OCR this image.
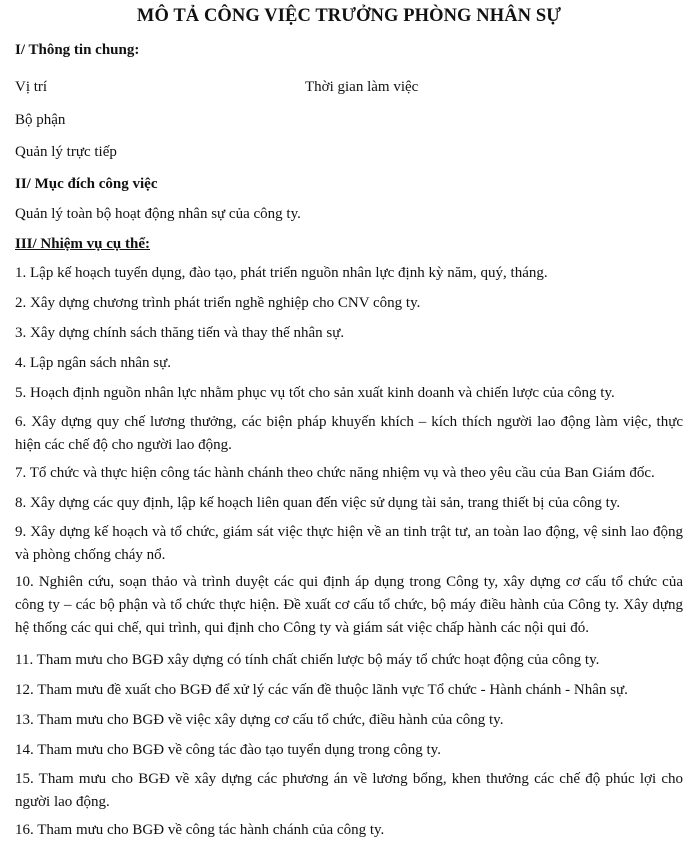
MÔ TẢ CÔNG VIỆC TRƯỞNG PHÒNG NHÂN SỰ
I/ Thông tin chung:
Vị trí	Thời gian làm việc
Bộ phận
Quản lý trực tiếp
II/ Mục đích công việc
Quản lý toàn bộ hoạt động nhân sự của công ty.
III/ Nhiệm vụ cụ thể:
1. Lập kế hoạch tuyển dụng, đào tạo, phát triển nguồn nhân lực định kỳ năm, quý, tháng.
2. Xây dựng chương trình phát triển nghề nghiệp cho CNV công ty.
3. Xây dựng chính sách thăng tiến và thay thế nhân sự.
4. Lập ngân sách nhân sự.
5. Hoạch định nguồn nhân lực nhằm phục vụ tốt cho sản xuất kinh doanh và chiến lược của công ty.
6. Xây dựng quy chế lương thưởng, các biện pháp khuyến khích – kích thích người lao động làm việc, thực hiện các chế độ cho người lao động.
7. Tổ chức và thực hiện công tác hành chánh theo chức năng nhiệm vụ và theo yêu cầu của Ban Giám đốc.
8. Xây dựng các quy định, lập kế hoạch liên quan đến việc sử dụng tài sản, trang thiết bị của công ty.
9. Xây dựng kế hoạch và tổ chức, giám sát việc thực hiện về an tinh trật tư, an toàn lao động, vệ sinh lao động và phòng chống cháy nổ.
10. Nghiên cứu, soạn thảo và trình duyệt các qui định áp dụng trong Công ty, xây dựng cơ cấu tổ chức của công ty – các bộ phận và tổ chức thực hiện. Đề xuất cơ cấu tổ chức, bộ máy điều hành của Công ty. Xây dựng hệ thống các qui chế, qui trình, qui định cho Công ty và giám sát việc chấp hành các nội qui đó.
11. Tham mưu cho BGĐ xây dựng có tính chất chiến lược bộ máy tổ chức hoạt động của công ty.
12. Tham mưu đề xuất cho BGĐ để xử lý các vấn đề thuộc lãnh vực Tổ chức - Hành chánh - Nhân sự.
13. Tham mưu cho BGĐ về việc xây dựng cơ cấu tổ chức, điều hành của công ty.
14. Tham mưu cho BGĐ về công tác đào tạo tuyển dụng trong công ty.
15. Tham mưu cho BGĐ về xây dựng các phương án về lương bổng, khen thưởng các chế độ phúc lợi cho người lao động.
16. Tham mưu cho BGĐ về công tác hành chánh của công ty.
